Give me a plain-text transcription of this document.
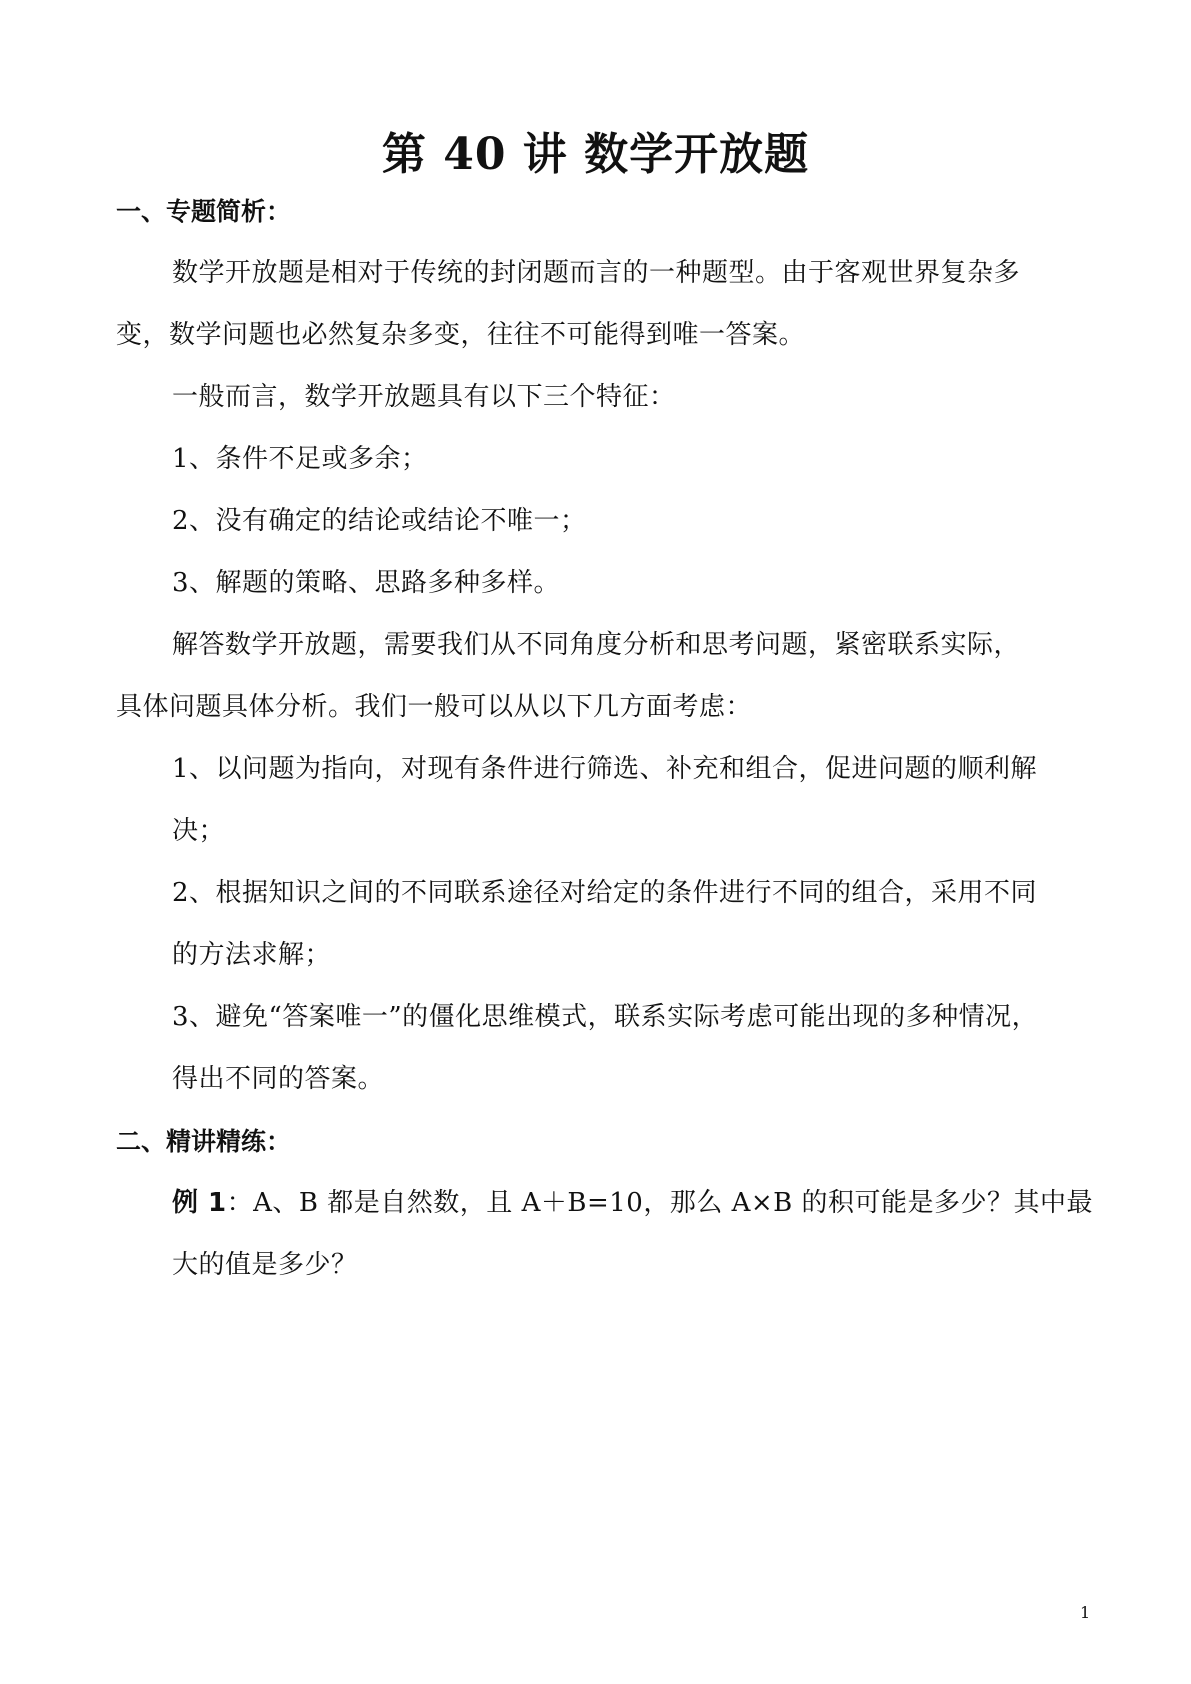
第 40 讲 数学开放题
一、专题简析：
数学开放题是相对于传统的封闭题而言的一种题型。由于客观世界复杂多
变，数学问题也必然复杂多变，往往不可能得到唯一答案。
一般而言，数学开放题具有以下三个特征：
1、条件不足或多余；
2、没有确定的结论或结论不唯一；
3、解题的策略、思路多种多样。
解答数学开放题，需要我们从不同角度分析和思考问题，紧密联系实际，
具体问题具体分析。我们一般可以从以下几方面考虑：
1、以问题为指向，对现有条件进行筛选、补充和组合，促进问题的顺利解
决；
2、根据知识之间的不同联系途径对给定的条件进行不同的组合，采用不同
的方法求解；
3、避免“答案唯一”的僵化思维模式，联系实际考虑可能出现的多种情况，
得出不同的答案。
二、精讲精练：
例 1：A、B 都是自然数，且 A＋B=10，那么 A×B 的积可能是多少？其中最
大的值是多少？
1
